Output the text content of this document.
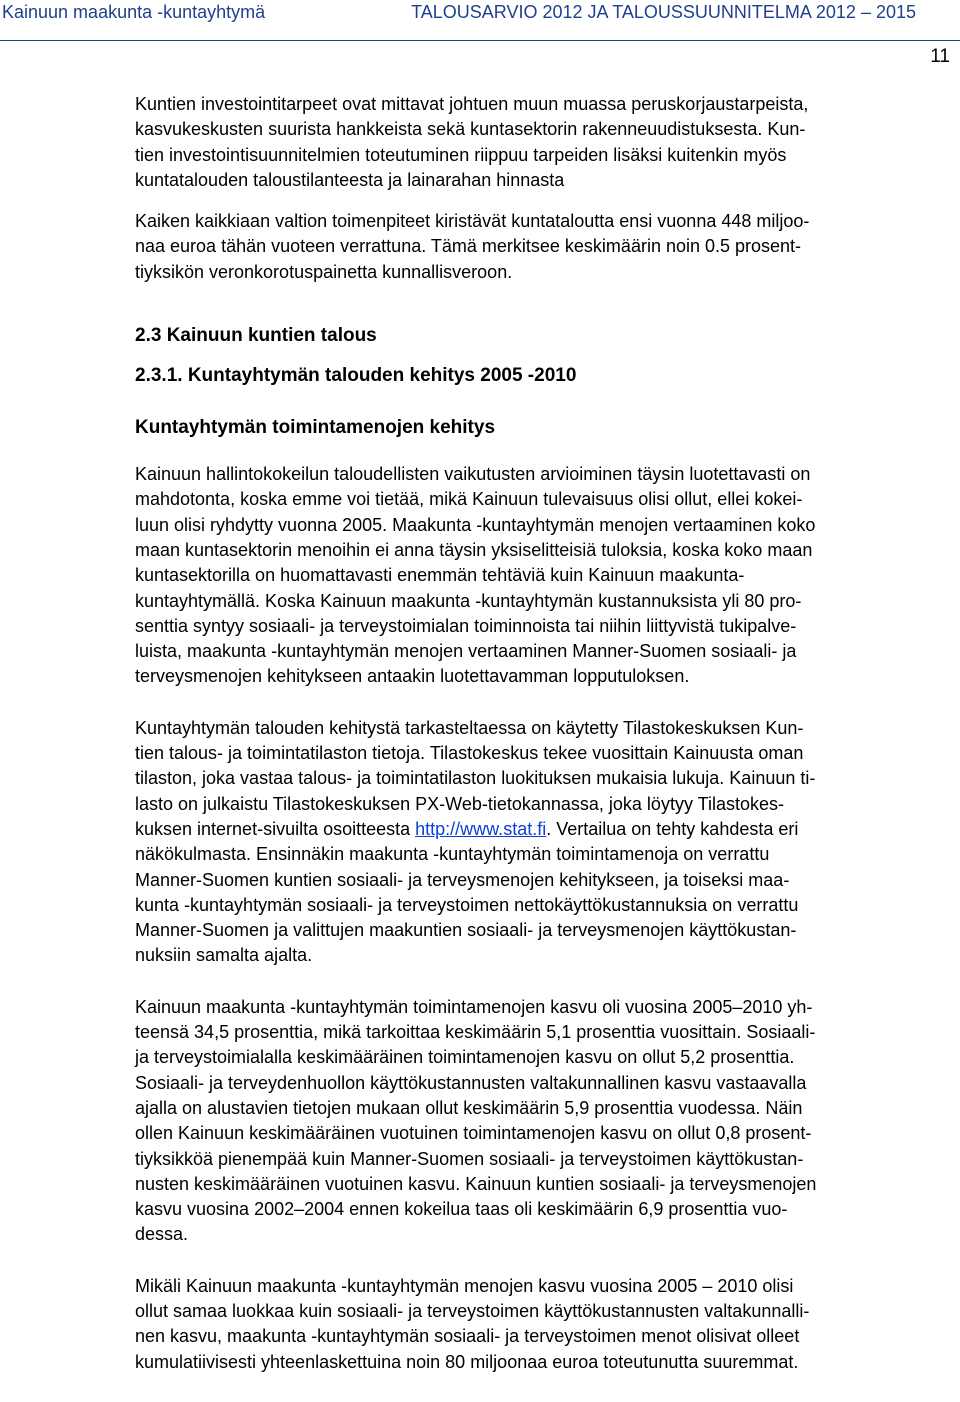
Kainuun maakunta -kuntayhtymä	TALOUSARVIO 2012 JA TALOUSSUUNNITELMA 2012 – 2015
11

Kuntien investointitarpeet ovat mittavat johtuen muun muassa peruskorjaustarpeista,
kasvukeskusten suurista hankkeista sekä kuntasektorin rakenneuudistuksesta. Kun-
tien investointisuunnitelmien toteutuminen riippuu tarpeiden lisäksi kuitenkin myös
kuntatalouden taloustilanteesta ja lainarahan hinnasta

Kaiken kaikkiaan valtion toimenpiteet kiristävät kuntataloutta ensi vuonna 448 miljoo-
naa euroa tähän vuoteen verrattuna. Tämä merkitsee keskimäärin noin 0.5 prosent-
tiyksikön veronkorotuspainetta kunnallisveroon.

2.3 Kainuun kuntien talous
2.3.1. Kuntayhtymän talouden kehitys 2005 -2010
Kuntayhtymän toimintamenojen kehitys

Kainuun hallintokokeilun taloudellisten vaikutusten arvioiminen täysin luotettavasti on
mahdotonta, koska emme voi tietää, mikä Kainuun tulevaisuus olisi ollut, ellei kokei-
luun olisi ryhdytty vuonna 2005. Maakunta -kuntayhtymän menojen vertaaminen koko
maan kuntasektorin menoihin ei anna täysin yksiselitteisiä tuloksia, koska koko maan
kuntasektorilla on huomattavasti enemmän tehtäviä kuin Kainuun maakunta-
kuntayhtymällä. Koska Kainuun maakunta -kuntayhtymän kustannuksista yli 80 pro-
senttia syntyy sosiaali- ja terveystoimialan toiminnoista tai niihin liittyvistä tukipalve-
luista, maakunta -kuntayhtymän menojen vertaaminen Manner-Suomen sosiaali- ja
terveysmenojen kehitykseen antaakin luotettavamman lopputuloksen.

Kuntayhtymän talouden kehitystä tarkasteltaessa on käytetty Tilastokeskuksen Kun-
tien talous- ja toimintatilaston tietoja. Tilastokeskus tekee vuosittain Kainuusta oman
tilaston, joka vastaa talous- ja toimintatilaston luokituksen mukaisia lukuja. Kainuun ti-
lasto on julkaistu Tilastokeskuksen PX-Web-tietokannassa, joka löytyy Tilastokes-
kuksen internet-sivuilta osoitteesta http://www.stat.fi. Vertailua on tehty kahdesta eri
näkökulmasta. Ensinnäkin maakunta -kuntayhtymän toimintamenoja on verrattu
Manner-Suomen kuntien sosiaali- ja terveysmenojen kehitykseen, ja toiseksi maa-
kunta -kuntayhtymän sosiaali- ja terveystoimen nettokäyttökustannuksia on verrattu
Manner-Suomen ja valittujen maakuntien sosiaali- ja terveysmenojen käyttökustan-
nuksiin samalta ajalta.

Kainuun maakunta -kuntayhtymän toimintamenojen kasvu oli vuosina 2005–2010 yh-
teensä 34,5 prosenttia, mikä tarkoittaa keskimäärin 5,1 prosenttia vuosittain. Sosiaali-
ja terveystoimialalla keskimääräinen toimintamenojen kasvu on ollut 5,2 prosenttia.
Sosiaali- ja terveydenhuollon käyttökustannusten valtakunnallinen kasvu vastaavalla
ajalla on alustavien tietojen mukaan ollut keskimäärin 5,9 prosenttia vuodessa. Näin
ollen Kainuun keskimääräinen vuotuinen toimintamenojen kasvu on ollut 0,8 prosent-
tiyksikköä pienempää kuin Manner-Suomen sosiaali- ja terveystoimen käyttökustan-
nusten keskimääräinen vuotuinen kasvu. Kainuun kuntien sosiaali- ja terveysmenojen
kasvu vuosina 2002–2004 ennen kokeilua taas oli keskimäärin 6,9 prosenttia vuo-
dessa.

Mikäli Kainuun maakunta -kuntayhtymän menojen kasvu vuosina 2005 – 2010 olisi
ollut samaa luokkaa kuin sosiaali- ja terveystoimen käyttökustannusten valtakunnalli-
nen kasvu, maakunta -kuntayhtymän sosiaali- ja terveystoimen menot olisivat olleet
kumulatiivisesti yhteenlaskettuina noin 80 miljoonaa euroa toteutunutta suuremmat.
